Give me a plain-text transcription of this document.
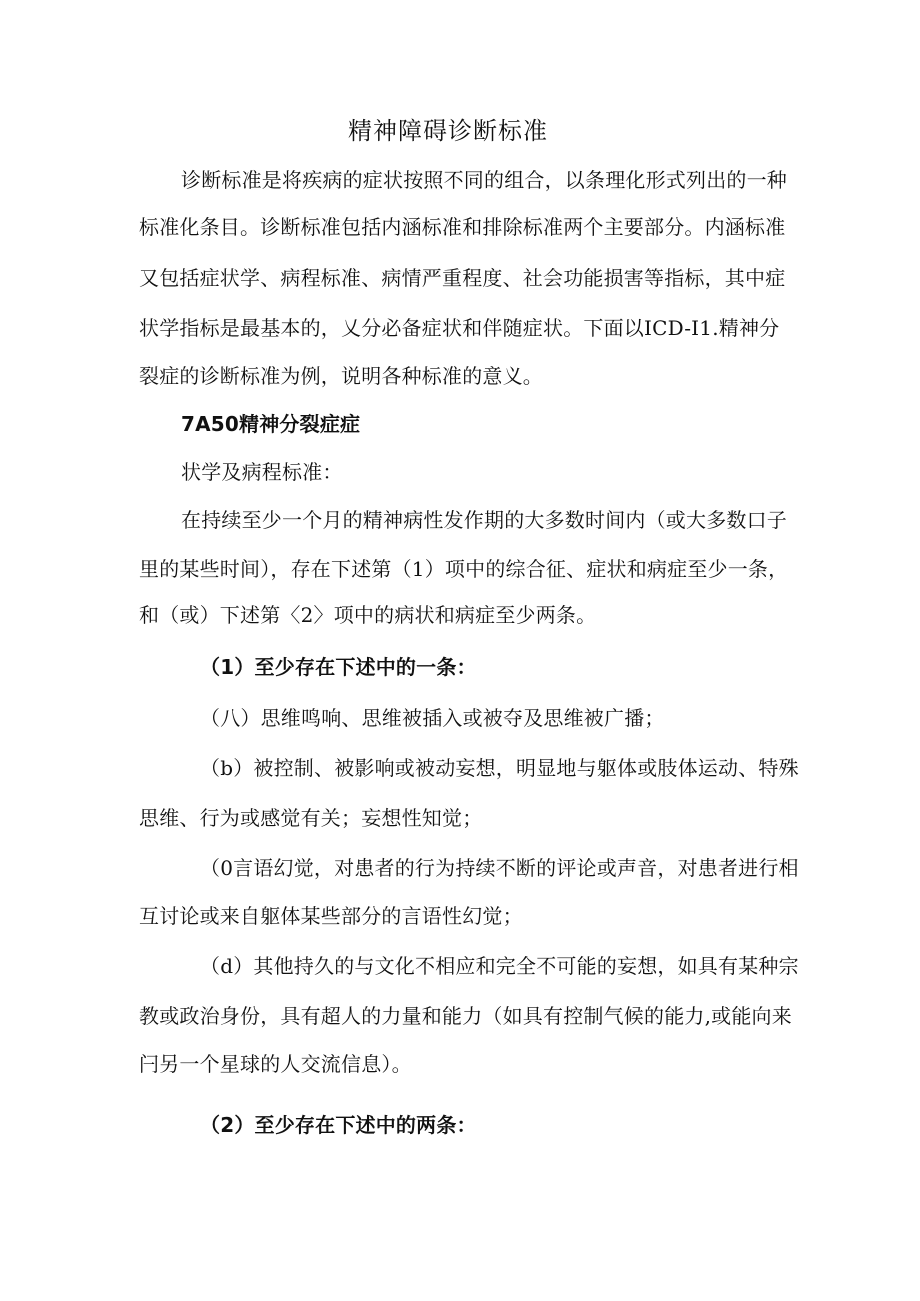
精神障碍诊断标准

诊断标准是将疾病的症状按照不同的组合，以条理化形式列出的一种

标准化条目。诊断标准包括内涵标准和排除标准两个主要部分。内涵标准

又包括症状学、病程标准、病情严重程度、社会功能损害等指标，其中症

状学指标是最基本的，乂分必备症状和伴随症状。下面以ICD-I1.精神分

裂症的诊断标准为例，说明各种标准的意义。

7A50精神分裂症症

状学及病程标准：

在持续至少一个月的精神病性发作期的大多数时间内（或大多数口子

里的某些时间），存在下述第（1）项中的综合征、症状和病症至少一条，

和（或）下述第〈2〉项中的病状和病症至少两条。

（1）至少存在下述中的一条：

（八）思维鸣响、思维被插入或被夺及思维被广播；

（b）被控制、被影响或被动妄想，明显地与躯体或肢体运动、特殊

思维、行为或感觉有关；妄想性知觉；

（0言语幻觉，对患者的行为持续不断的评论或声音，对患者进行相

互讨论或来自躯体某些部分的言语性幻觉；

（d）其他持久的与文化不相应和完全不可能的妄想，如具有某种宗

教或政治身份，具有超人的力量和能力（如具有控制气候的能力,或能向来

闩另一个星球的人交流信息）。

（2）至少存在下述中的两条：
